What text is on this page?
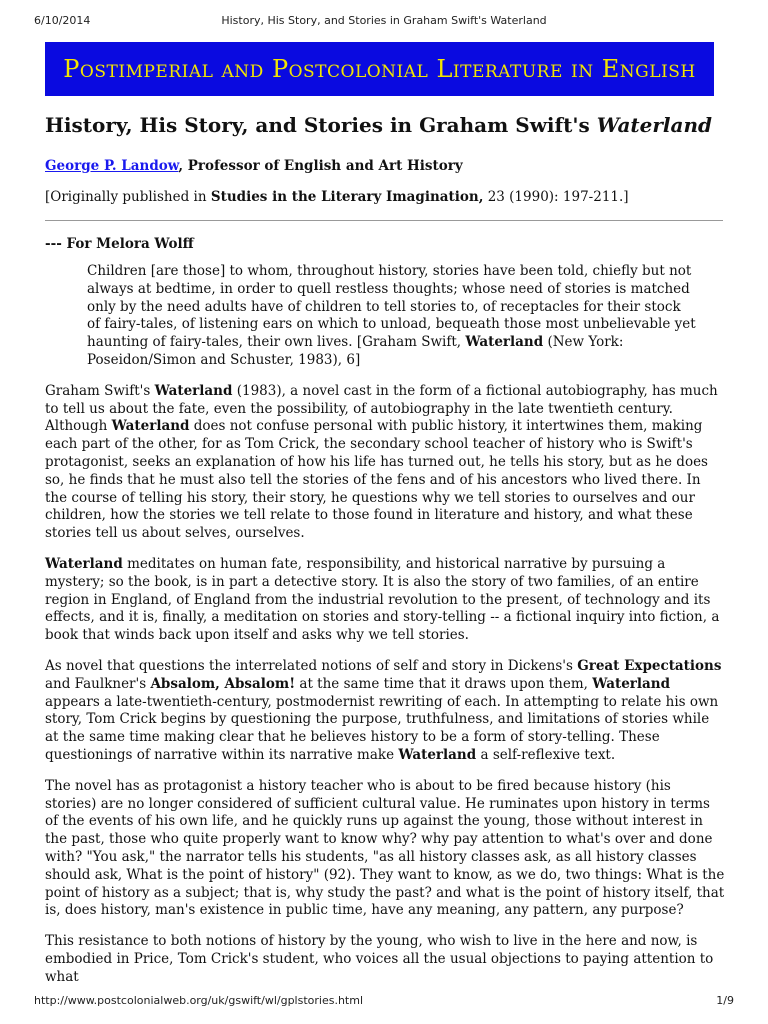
6/10/2014	History, His Story, and Stories in Graham Swift's Waterland
Postimperial and Postcolonial Literature in English
History, His Story, and Stories in Graham Swift's Waterland
George P. Landow, Professor of English and Art History
[Originally published in Studies in the Literary Imagination, 23 (1990): 197-211.]
--- For Melora Wolff
Children [are those] to whom, throughout history, stories have been told, chiefly but not always at bedtime, in order to quell restless thoughts; whose need of stories is matched only by the need adults have of children to tell stories to, of receptacles for their stock of fairy-tales, of listening ears on which to unload, bequeath those most unbelievable yet haunting of fairy-tales, their own lives. [Graham Swift, Waterland (New York: Poseidon/Simon and Schuster, 1983), 6]

Graham Swift's Waterland (1983), a novel cast in the form of a fictional autobiography, has much to tell us about the fate, even the possibility, of autobiography in the late twentieth century. Although Waterland does not confuse personal with public history, it intertwines them, making each part of the other, for as Tom Crick, the secondary school teacher of history who is Swift's protagonist, seeks an explanation of how his life has turned out, he tells his story, but as he does so, he finds that he must also tell the stories of the fens and of his ancestors who lived there. In the course of telling his story, their story, he questions why we tell stories to ourselves and our children, how the stories we tell relate to those found in literature and history, and what these stories tell us about selves, ourselves.

Waterland meditates on human fate, responsibility, and historical narrative by pursuing a mystery; so the book, is in part a detective story. It is also the story of two families, of an entire region in England, of England from the industrial revolution to the present, of technology and its effects, and it is, finally, a meditation on stories and story-telling -- a fictional inquiry into fiction, a book that winds back upon itself and asks why we tell stories.

As novel that questions the interrelated notions of self and story in Dickens's Great Expectations and Faulkner's Absalom, Absalom! at the same time that it draws upon them, Waterland appears a late-twentieth-century, postmodernist rewriting of each. In attempting to relate his own story, Tom Crick begins by questioning the purpose, truthfulness, and limitations of stories while at the same time making clear that he believes history to be a form of story-telling. These questionings of narrative within its narrative make Waterland a self-reflexive text.

The novel has as protagonist a history teacher who is about to be fired because history (his stories) are no longer considered of sufficient cultural value. He ruminates upon history in terms of the events of his own life, and he quickly runs up against the young, those without interest in the past, those who quite properly want to know why? why pay attention to what's over and done with? "You ask," the narrator tells his students, "as all history classes ask, as all history classes should ask, What is the point of history" (92). They want to know, as we do, two things: What is the point of history as a subject; that is, why study the past? and what is the point of history itself, that is, does history, man's existence in public time, have any meaning, any pattern, any purpose?

This resistance to both notions of history by the young, who wish to live in the here and now, is embodied in Price, Tom Crick's student, who voices all the usual objections to paying attention to what

http://www.postcolonialweb.org/uk/gswift/wl/gplstories.html	1/9
